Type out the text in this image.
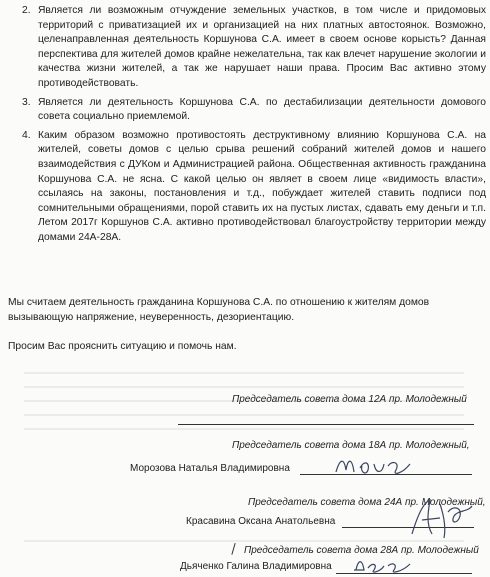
2. Является ли возможным отчуждение земельных участков, в том числе и придомовых территорий с приватизацией их и организацией на них платных автостоянок. Возможно, целенаправленная деятельность Коршунова С.А. имеет в своем основе корысть? Данная перспектива для жителей домов крайне нежелательна, так как влечет нарушение экологии и качества жизни жителей, а так же нарушает наши права. Просим Вас активно этому противодействовать.
3. Является ли деятельность Коршунова С.А. по дестабилизации деятельности домового совета социально приемлемой.
4. Каким образом возможно противостоять деструктивному влиянию Коршунова С.А. на жителей, советы домов с целью срыва решений собраний жителей домов и нашего взаимодействия с ДУКом и Администрацией района. Общественная активность гражданина Коршунова С.А. не ясна. С какой целью он являет в своем лице «видимость власти», ссылаясь на законы, постановления и т.д., побуждает жителей ставить подписи под сомнительными обращениями, порой ставить их на пустых листах, сдавать ему деньги и т.п. Летом 2017г Коршунов С.А. активно противодействовал благоустройству территории между домами 24А-28А.
Мы считаем деятельность гражданина Коршунова С.А. по отношению к жителям домов вызывающую напряжение, неуверенность, дезориентацию.
Просим Вас прояснить ситуацию и помочь нам.
Председатель совета дома 12А пр. Молодежный
Председатель совета дома 18А пр. Молодежный,
Морозова Наталья Владимировна
Мороз
Председатель совета дома 24А пр. Молодежный,
Красавина Оксана Анатольевна
Председатель совета дома 28А пр. Молодежный
Дьяченко Галина Владимировна
Дьяч
